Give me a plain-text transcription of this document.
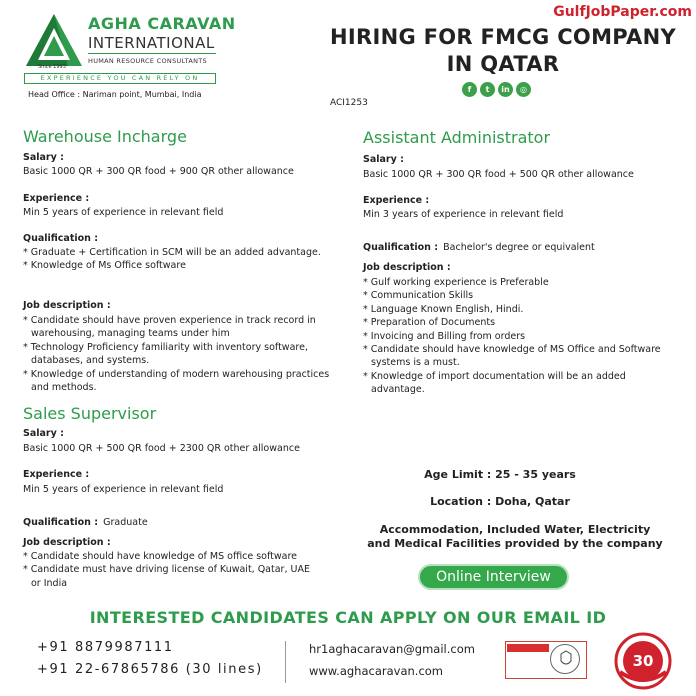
AGHA CARAVAN
INTERNATIONAL
HUMAN RESOURCE CONSULTANTS
Since 1993
EXPERIENCE YOU CAN RELY ON
Head Office : Nariman point, Mumbai, India
GulfJobPaper.com
HIRING FOR FMCG COMPANY
IN QATAR
f	t	in	◎
ACI1253
Warehouse Incharge
Salary :
Basic 1000 QR + 300 QR food + 900 QR other allowance
Experience :
Min 5 years of experience in relevant field
Qualification :
* Graduate + Certification in SCM will be an added advantage.
* Knowledge of Ms Office software
Job description :
* Candidate should have proven experience in track record in warehousing, managing teams under him
* Technology Proficiency familiarity with inventory software, databases, and systems.
* Knowledge of understanding of modern warehousing practices and methods.
Sales Supervisor
Salary :
Basic 1000 QR + 500 QR food + 2300 QR other allowance
Experience :
Min 5 years of experience in relevant field
Qualification : Graduate
Job description :
* Candidate should have knowledge of MS office software
* Candidate must have driving license of Kuwait, Qatar, UAE or India
Assistant Administrator
Salary :
Basic 1000 QR + 300 QR food + 500 QR other allowance
Experience :
Min 3 years of experience in relevant field
Qualification : Bachelor's degree or equivalent
Job description :
* Gulf working experience is Preferable
* Communication Skills
* Language Known English, Hindi.
* Preparation of Documents
* Invoicing and Billing from orders
* Candidate should have knowledge of MS Office and Software systems is a must.
* Knowledge of import documentation will be an added advantage.
Age Limit : 25 - 35 years
Location : Doha, Qatar
Accommodation, Included Water, Electricity
and Medical Facilities provided by the company
Online Interview
INTERESTED CANDIDATES CAN APPLY ON OUR EMAIL ID
+91 8879987111
+91 22-67865786 (30 lines)
hr1aghacaravan@gmail.com
www.aghacaravan.com
30
